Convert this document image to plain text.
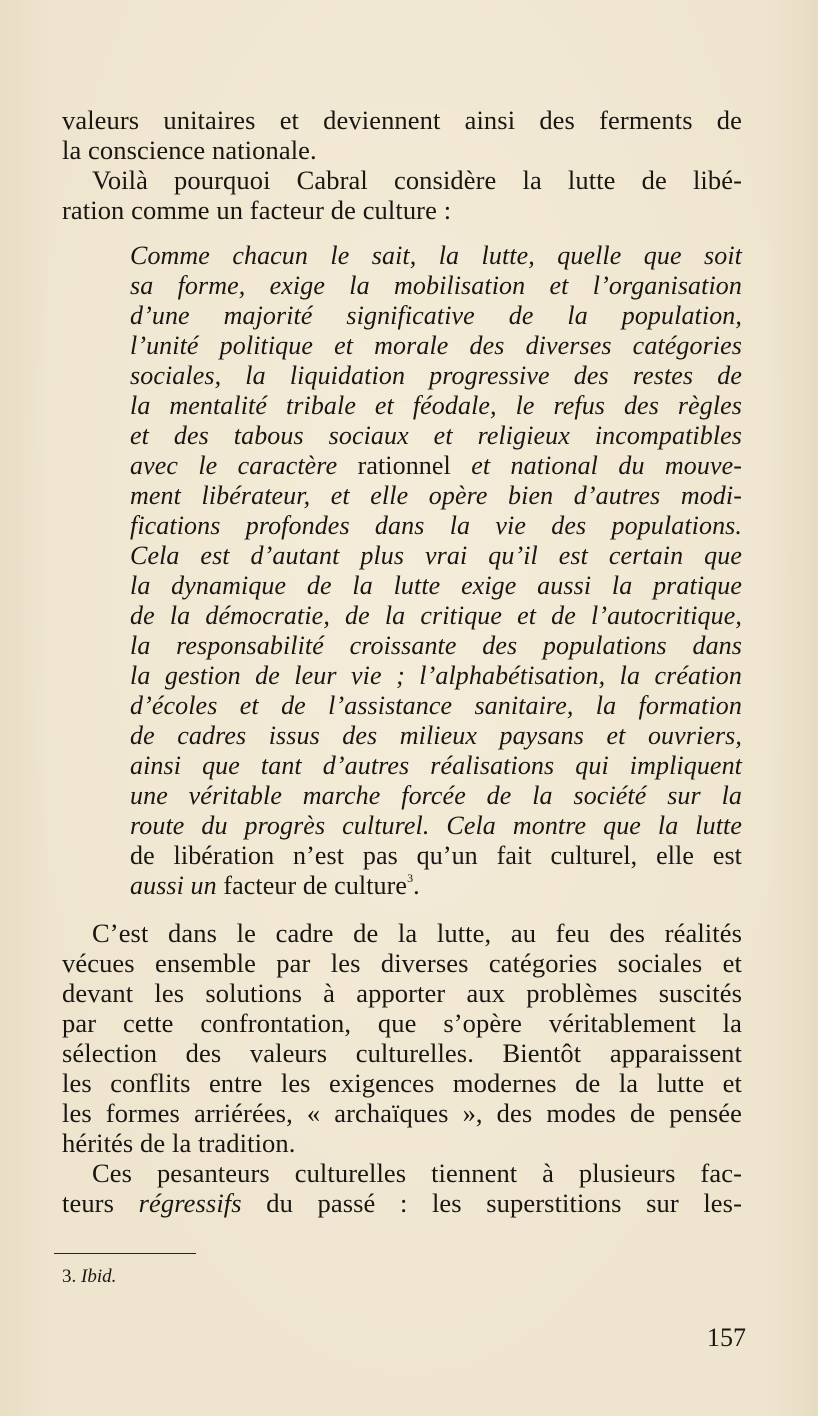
valeurs unitaires et deviennent ainsi des ferments de
la conscience nationale.
Voilà pourquoi Cabral considère la lutte de libé-
ration comme un facteur de culture :
Comme chacun le sait, la lutte, quelle que soit
sa forme, exige la mobilisation et l’organisation
d’une majorité significative de la population,
l’unité politique et morale des diverses catégories
sociales, la liquidation progressive des restes de
la mentalité tribale et féodale, le refus des règles
et des tabous sociaux et religieux incompatibles
avec le caractère rationnel et national du mouve-
ment libérateur, et elle opère bien d’autres modi-
fications profondes dans la vie des populations.
Cela est d’autant plus vrai qu’il est certain que
la dynamique de la lutte exige aussi la pratique
de la démocratie, de la critique et de l’autocritique,
la responsabilité croissante des populations dans
la gestion de leur vie ; l’alphabétisation, la création
d’écoles et de l’assistance sanitaire, la formation
de cadres issus des milieux paysans et ouvriers,
ainsi que tant d’autres réalisations qui impliquent
une véritable marche forcée de la société sur la
route du progrès culturel. Cela montre que la lutte
de libération n’est pas qu’un fait culturel, elle est
aussi un facteur de culture$^3$.
C’est dans le cadre de la lutte, au feu des réalités
vécues ensemble par les diverses catégories sociales et
devant les solutions à apporter aux problèmes suscités
par cette confrontation, que s’opère véritablement la
sélection des valeurs culturelles. Bientôt apparaissent
les conflits entre les exigences modernes de la lutte et
les formes arriérées, « archaïques », des modes de pensée
hérités de la tradition.
Ces pesanteurs culturelles tiennent à plusieurs fac-
teurs régressifs du passé : les superstitions sur les-
3. Ibid.
157
